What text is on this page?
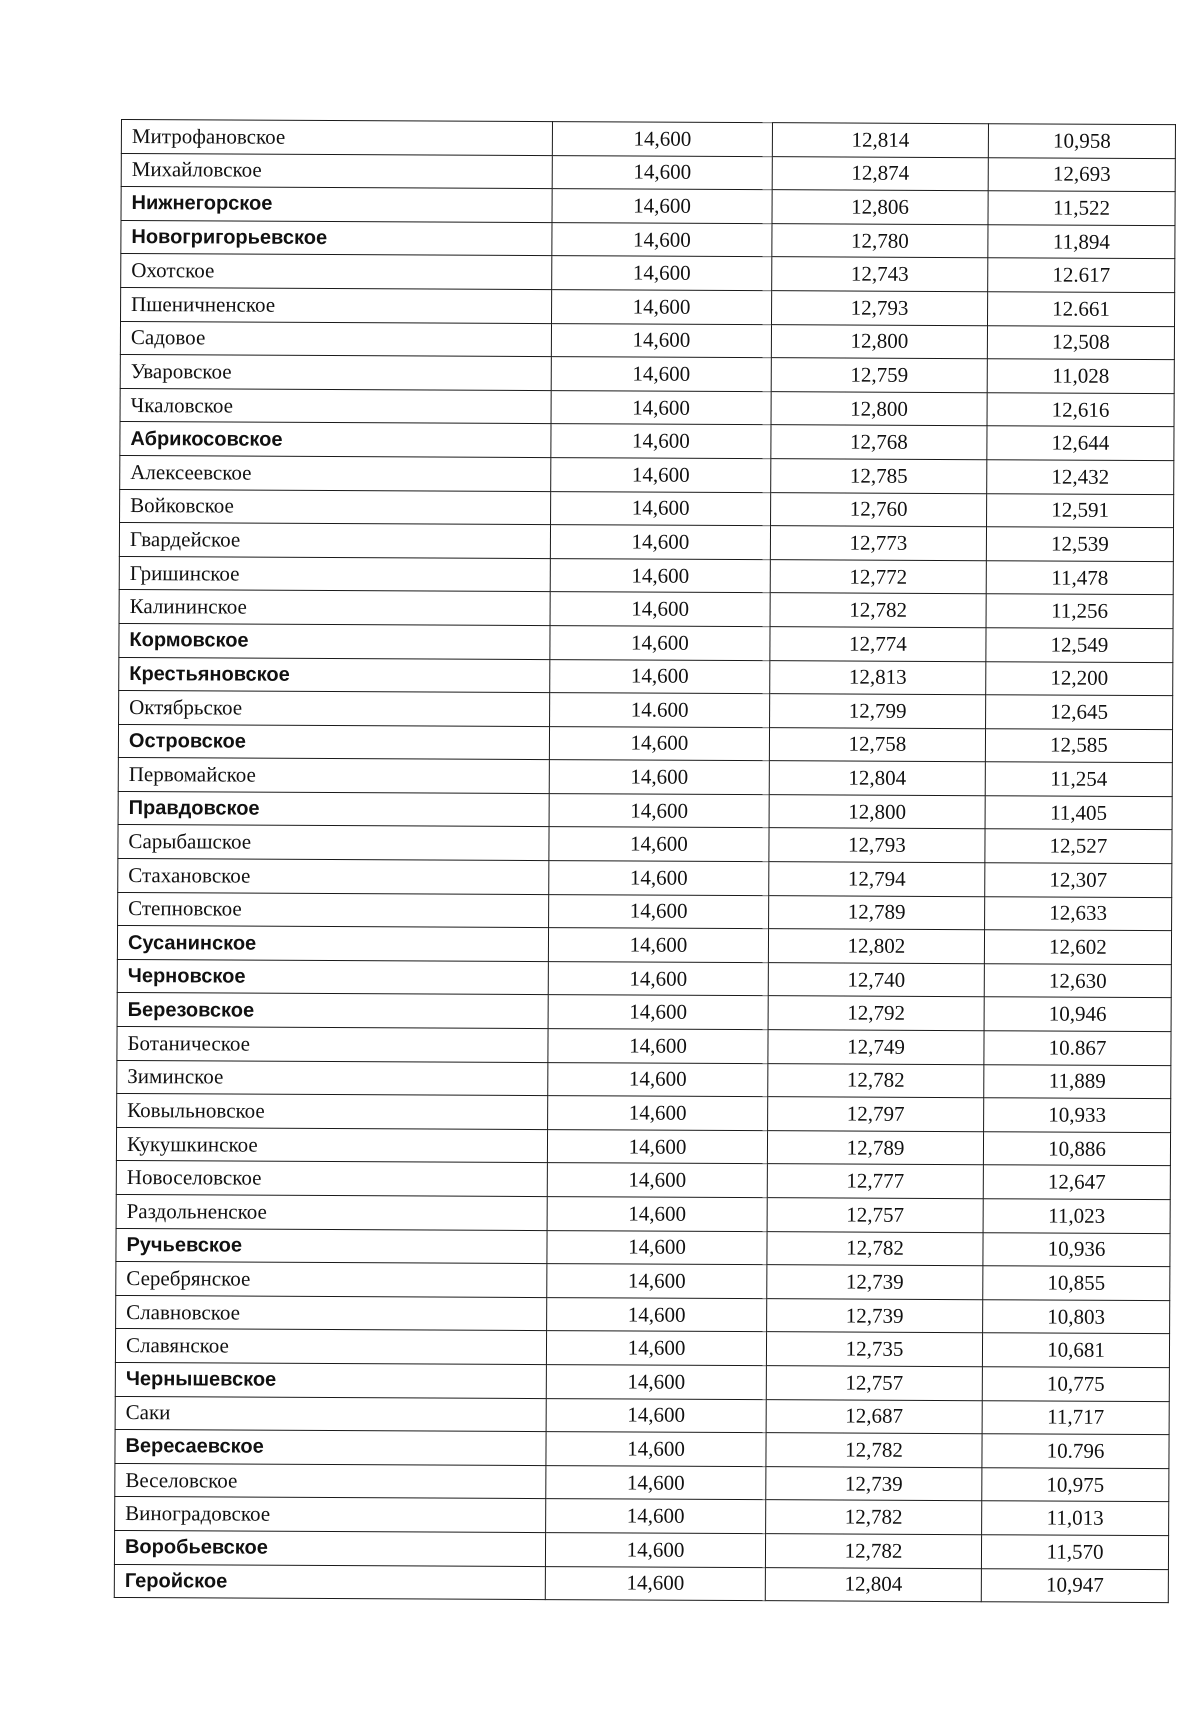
Митрофановское	14,600	12,814	10,958
Михайловское	14,600	12,874	12,693
Нижнегорское	14,600	12,806	11,522
Новогригорьевское	14,600	12,780	11,894
Охотское	14,600	12,743	12.617
Пшеничненское	14,600	12,793	12.661
Садовое	14,600	12,800	12,508
Уваровское	14,600	12,759	11,028
Чкаловское	14,600	12,800	12,616
Абрикосовское	14,600	12,768	12,644
Алексеевское	14,600	12,785	12,432
Войковское	14,600	12,760	12,591
Гвардейское	14,600	12,773	12,539
Гришинское	14,600	12,772	11,478
Калининское	14,600	12,782	11,256
Кормовское	14,600	12,774	12,549
Крестьяновское	14,600	12,813	12,200
Октябрьское	14.600	12,799	12,645
Островское	14,600	12,758	12,585
Первомайское	14,600	12,804	11,254
Правдовское	14,600	12,800	11,405
Сарыбашское	14,600	12,793	12,527
Стахановское	14,600	12,794	12,307
Степновское	14,600	12,789	12,633
Сусанинское	14,600	12,802	12,602
Черновское	14,600	12,740	12,630
Березовское	14,600	12,792	10,946
Ботаническое	14,600	12,749	10.867
Зиминское	14,600	12,782	11,889
Ковыльновское	14,600	12,797	10,933
Кукушкинское	14,600	12,789	10,886
Новоселовское	14,600	12,777	12,647
Раздольненское	14,600	12,757	11,023
Ручьевское	14,600	12,782	10,936
Серебрянское	14,600	12,739	10,855
Славновское	14,600	12,739	10,803
Славянское	14,600	12,735	10,681
Чернышевское	14,600	12,757	10,775
Саки	14,600	12,687	11,717
Вересаевское	14,600	12,782	10.796
Веселовское	14,600	12,739	10,975
Виноградовское	14,600	12,782	11,013
Воробьевское	14,600	12,782	11,570
Геройское	14,600	12,804	10,947
